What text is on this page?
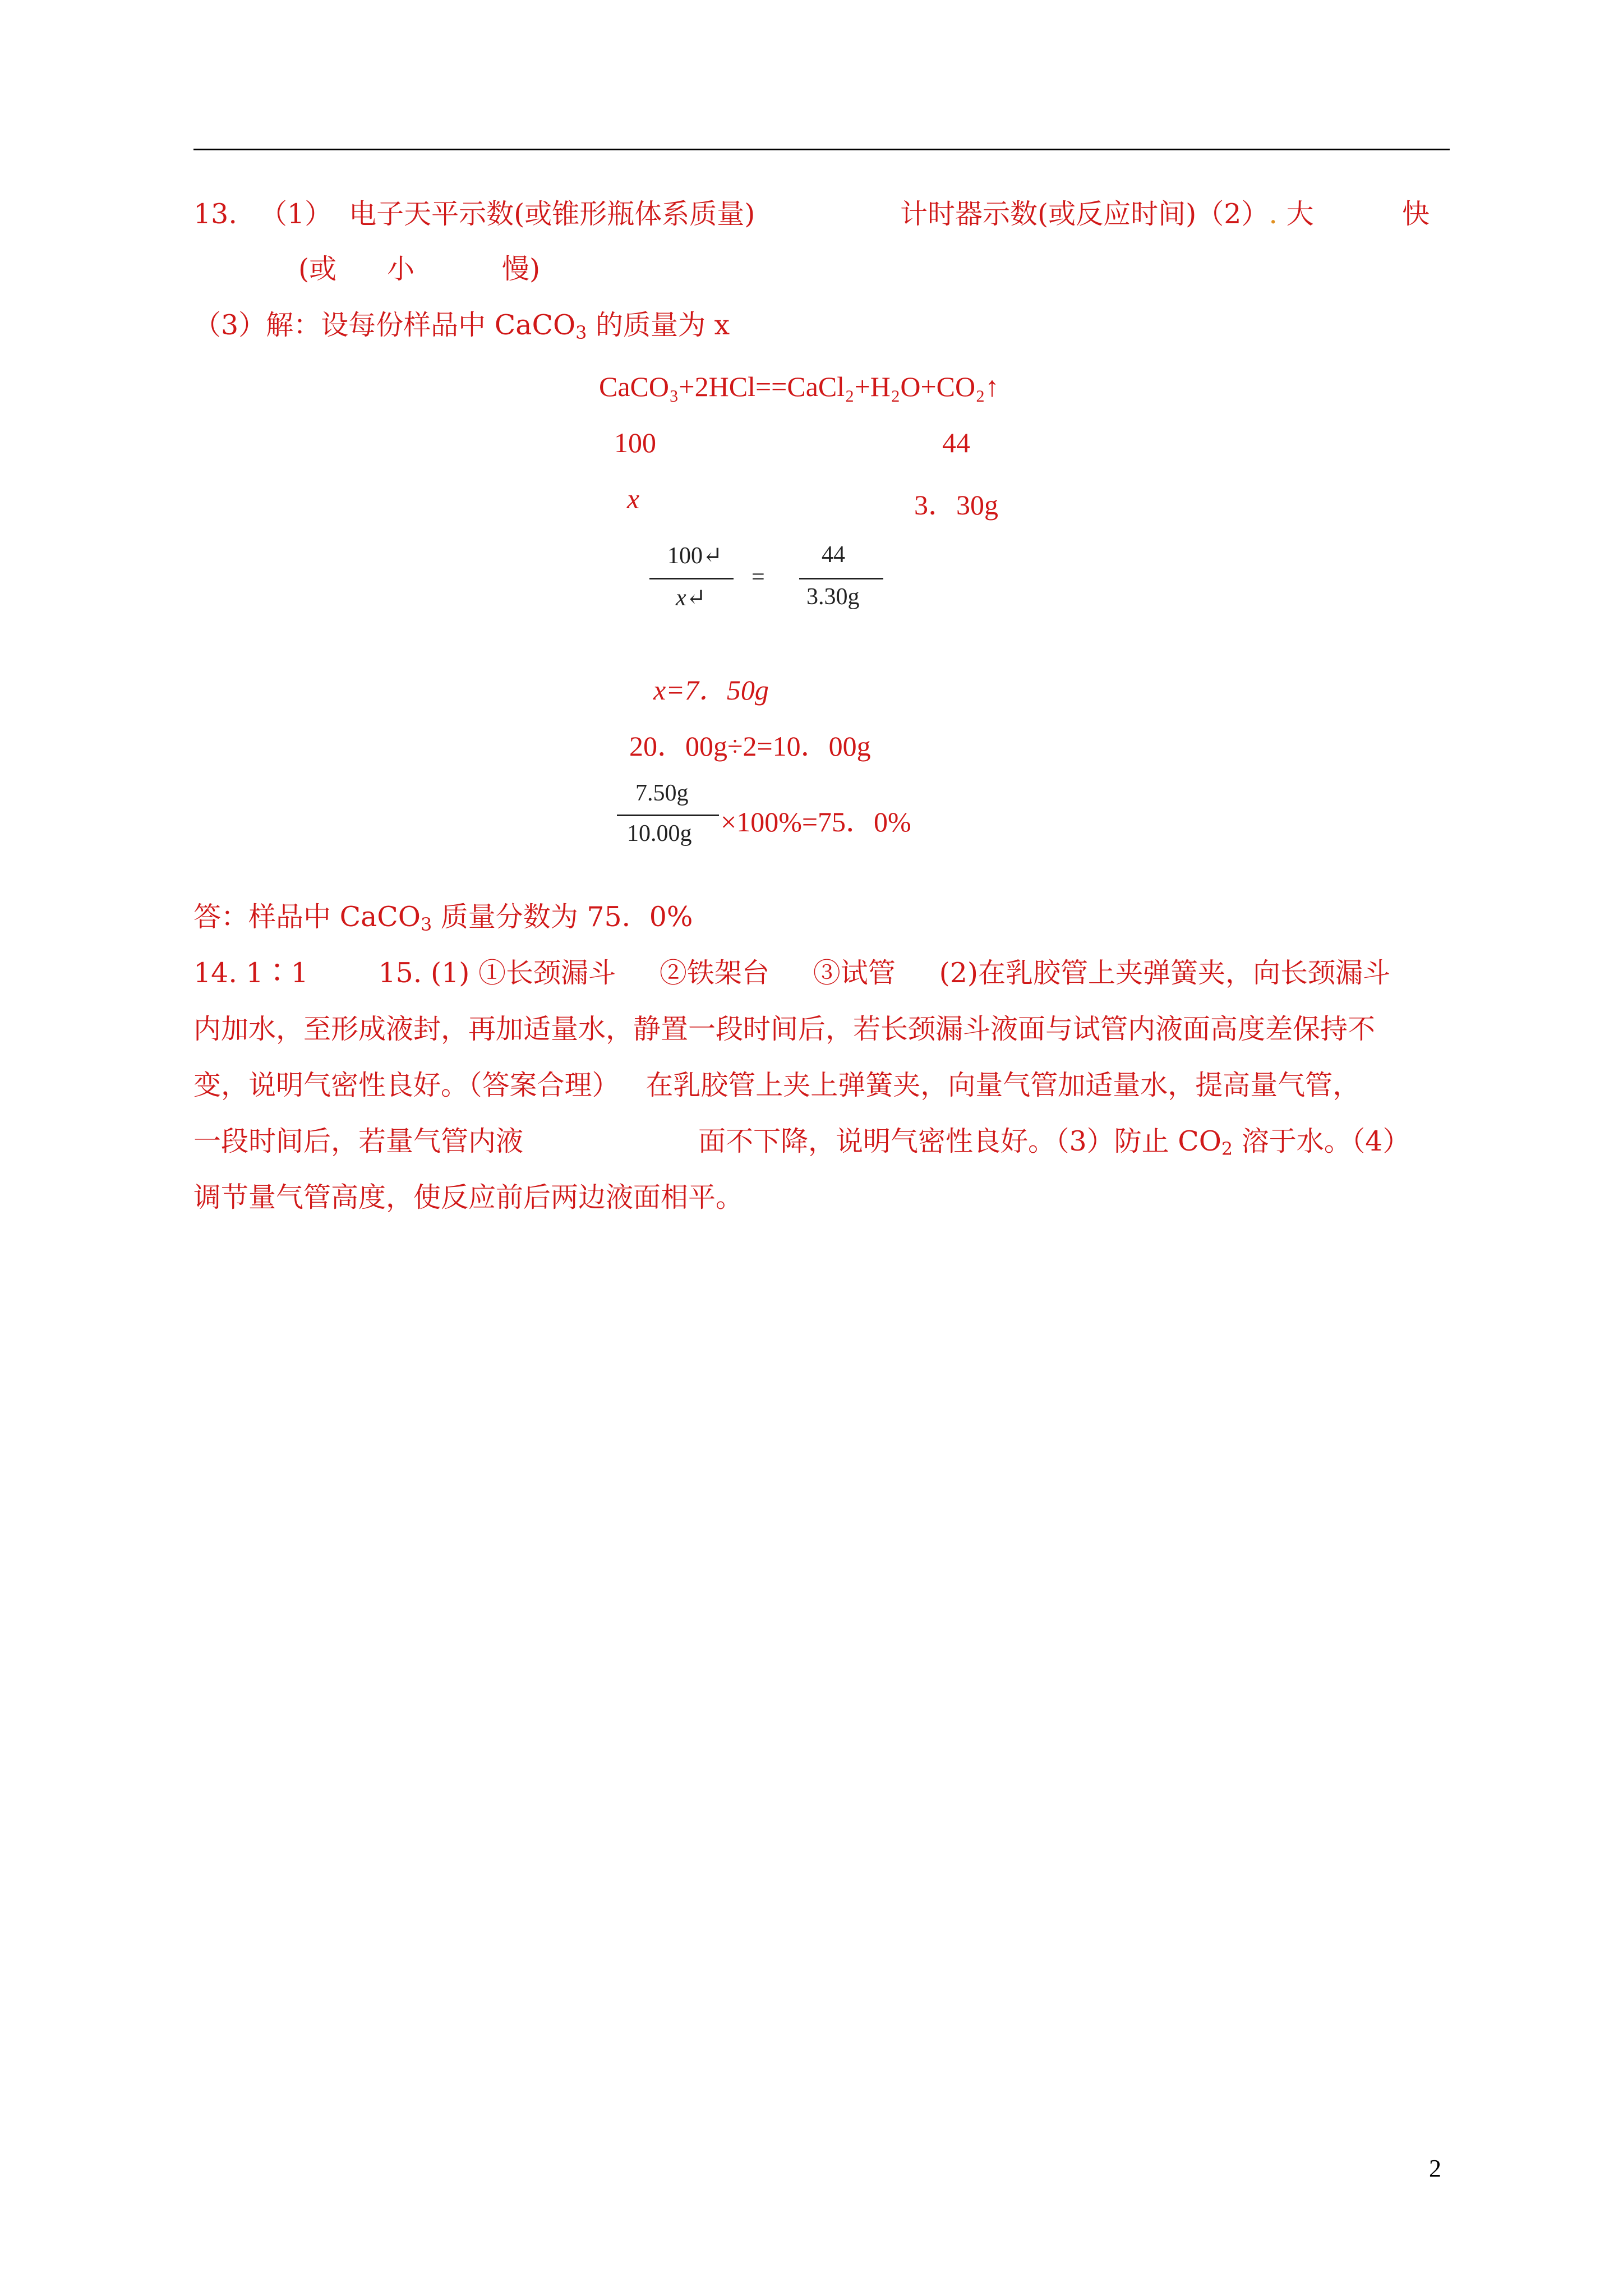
13. （1） 电子天平示数(或锥形瓶体系质量)	计时器示数(或反应时间)（2）. 大	快
(或 小	慢)
（3）解：设每份样品中 CaCO$_3$ 的质量为 x
CaCO₃+2HCl==CaCl₂+H₂O+CO₂↑
100	44
x	3．30g
100↵
x↵
=
44
3.30g
x=7．50g
20．00g÷2=10．00g
7.50g
10.00g ×100%=75．0%
答：样品中 CaCO$_3$ 质量分数为 75．0%
14. 1∶1        15. (1) ①长颈漏斗     ②铁架台     ③试管     (2)在乳胶管上夹弹簧夹，向长颈漏斗
内加水，至形成液封，再加适量水，静置一段时间后，若长颈漏斗液面与试管内液面高度差保持不
变，说明气密性良好。（答案合理）   在乳胶管上夹上弹簧夹，向量气管加适量水，提高量气管，
一段时间后，若量气管内液	面不下降，说明气密性良好。（3）防止 $CO_2$ 溶于水。（4）
调节量气管高度，使反应前后两边液面相平。
2
